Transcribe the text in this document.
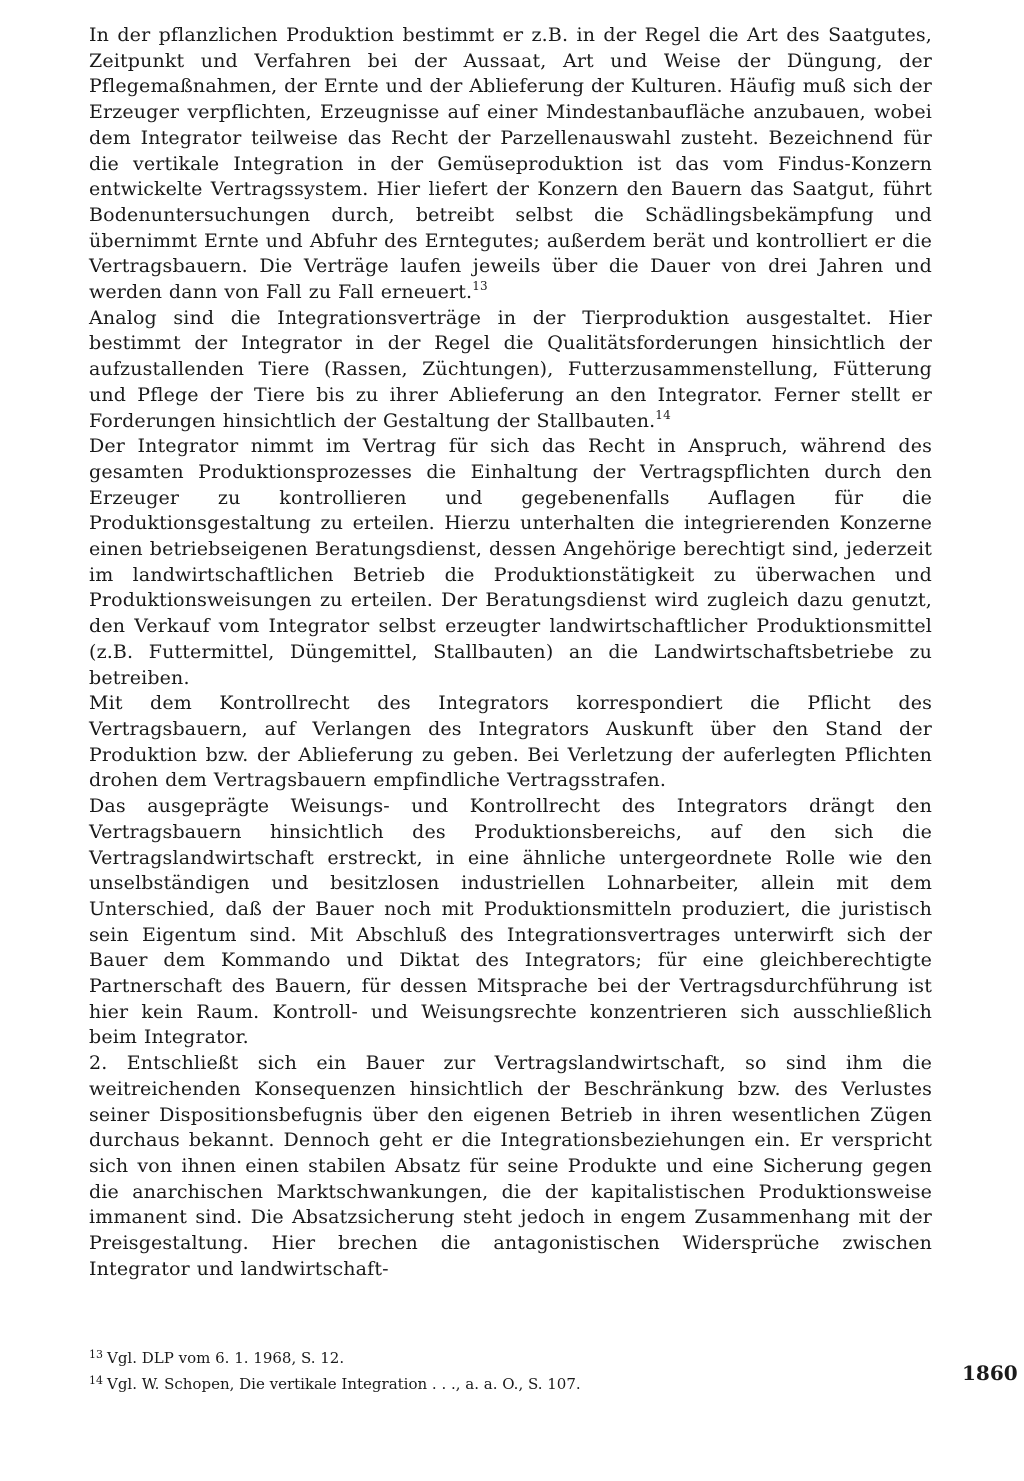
In der pflanzlichen Produktion bestimmt er z.B. in der Regel die Art des Saatgutes, Zeitpunkt und Verfahren bei der Aussaat, Art und Weise der Düngung, der Pflegemaßnahmen, der Ernte und der Ablieferung der Kulturen. Häufig muß sich der Erzeuger verpflichten, Erzeugnisse auf einer Mindestanbaufläche anzubauen, wobei dem Integrator teilweise das Recht der Parzellenauswahl zusteht. Bezeichnend für die vertikale Integration in der Gemüseproduktion ist das vom Findus-Konzern entwickelte Vertragssystem. Hier liefert der Konzern den Bauern das Saatgut, führt Bodenuntersuchungen durch, betreibt selbst die Schädlingsbekämpfung und übernimmt Ernte und Abfuhr des Erntegutes; außerdem berät und kontrolliert er die Vertragsbauern. Die Verträge laufen jeweils über die Dauer von drei Jahren und werden dann von Fall zu Fall erneuert.$^{13}$

Analog sind die Integrationsverträge in der Tierproduktion ausgestaltet. Hier bestimmt der Integrator in der Regel die Qualitätsforderungen hinsichtlich der aufzustallenden Tiere (Rassen, Züchtungen), Futterzusammenstellung, Fütterung und Pflege der Tiere bis zu ihrer Ablieferung an den Integrator. Ferner stellt er Forderungen hinsichtlich der Gestaltung der Stallbauten.$^{14}$

Der Integrator nimmt im Vertrag für sich das Recht in Anspruch, während des gesamten Produktionsprozesses die Einhaltung der Vertragspflichten durch den Erzeuger zu kontrollieren und gegebenenfalls Auflagen für die Produktionsgestaltung zu erteilen. Hierzu unterhalten die integrierenden Konzerne einen betriebseigenen Beratungsdienst, dessen Angehörige berechtigt sind, jederzeit im landwirtschaftlichen Betrieb die Produktionstätigkeit zu überwachen und Produktionsweisungen zu erteilen. Der Beratungsdienst wird zugleich dazu genutzt, den Verkauf vom Integrator selbst erzeugter landwirtschaftlicher Produktionsmittel (z.B. Futtermittel, Düngemittel, Stallbauten) an die Landwirtschaftsbetriebe zu betreiben.

Mit dem Kontrollrecht des Integrators korrespondiert die Pflicht des Vertragsbauern, auf Verlangen des Integrators Auskunft über den Stand der Produktion bzw. der Ablieferung zu geben. Bei Verletzung der auferlegten Pflichten drohen dem Vertragsbauern empfindliche Vertragsstrafen.

Das ausgeprägte Weisungs- und Kontrollrecht des Integrators drängt den Vertragsbauern hinsichtlich des Produktionsbereichs, auf den sich die Vertragslandwirtschaft erstreckt, in eine ähnliche untergeordnete Rolle wie den unselbständigen und besitzlosen industriellen Lohnarbeiter, allein mit dem Unterschied, daß der Bauer noch mit Produktionsmitteln produziert, die juristisch sein Eigentum sind. Mit Abschluß des Integrationsvertrages unterwirft sich der Bauer dem Kommando und Diktat des Integrators; für eine gleichberechtigte Partnerschaft des Bauern, für dessen Mitsprache bei der Vertragsdurchführung ist hier kein Raum. Kontroll- und Weisungsrechte konzentrieren sich ausschließlich beim Integrator.

2. Entschließt sich ein Bauer zur Vertragslandwirtschaft, so sind ihm die weitreichenden Konsequenzen hinsichtlich der Beschränkung bzw. des Verlustes seiner Dispositionsbefugnis über den eigenen Betrieb in ihren wesentlichen Zügen durchaus bekannt. Dennoch geht er die Integrationsbeziehungen ein. Er verspricht sich von ihnen einen stabilen Absatz für seine Produkte und eine Sicherung gegen die anarchischen Marktschwankungen, die der kapitalistischen Produktionsweise immanent sind. Die Absatzsicherung steht jedoch in engem Zusammenhang mit der Preisgestaltung. Hier brechen die antagonistischen Widersprüche zwischen Integrator und landwirtschaft-

$^{13}$ Vgl. DLP vom 6. 1. 1968, S. 12.

$^{14}$ Vgl. W. Schopen, Die vertikale Integration . . ., a. a. O., S. 107.	1860
